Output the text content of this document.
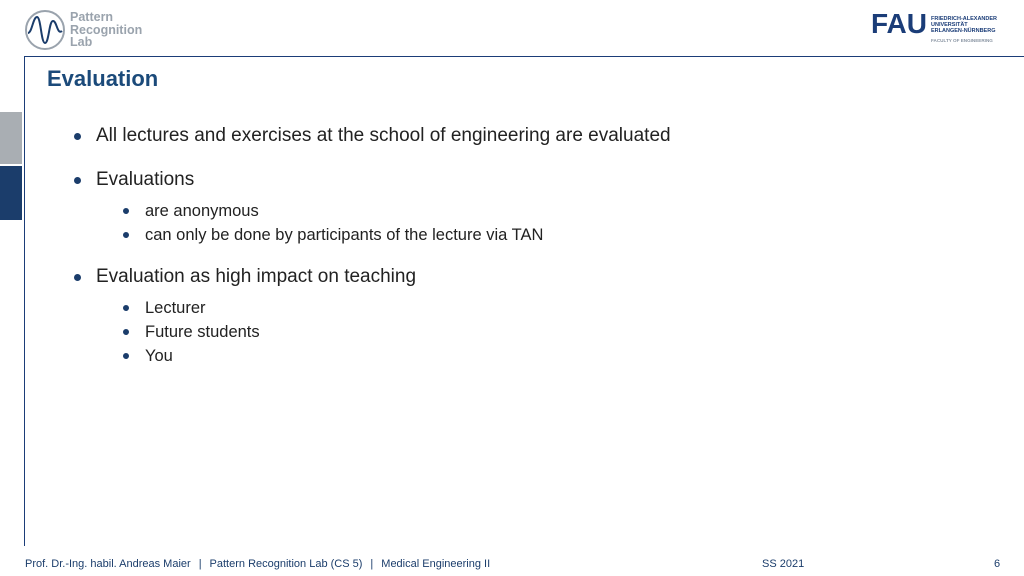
Pattern
Recognition
Lab
FAU FRIEDRICH-ALEXANDER
UNIVERSITÄT
ERLANGEN-NÜRNBERG
FACULTY OF ENGINEERING
Evaluation
All lectures and exercises at the school of engineering are evaluated
Evaluations
are anonymous
can only be done by participants of the lecture via TAN
Evaluation as high impact on teaching
Lecturer
Future students
You
Prof. Dr.-Ing. habil. Andreas Maier | Pattern Recognition Lab (CS 5) | Medical Engineering II	SS 2021	6
